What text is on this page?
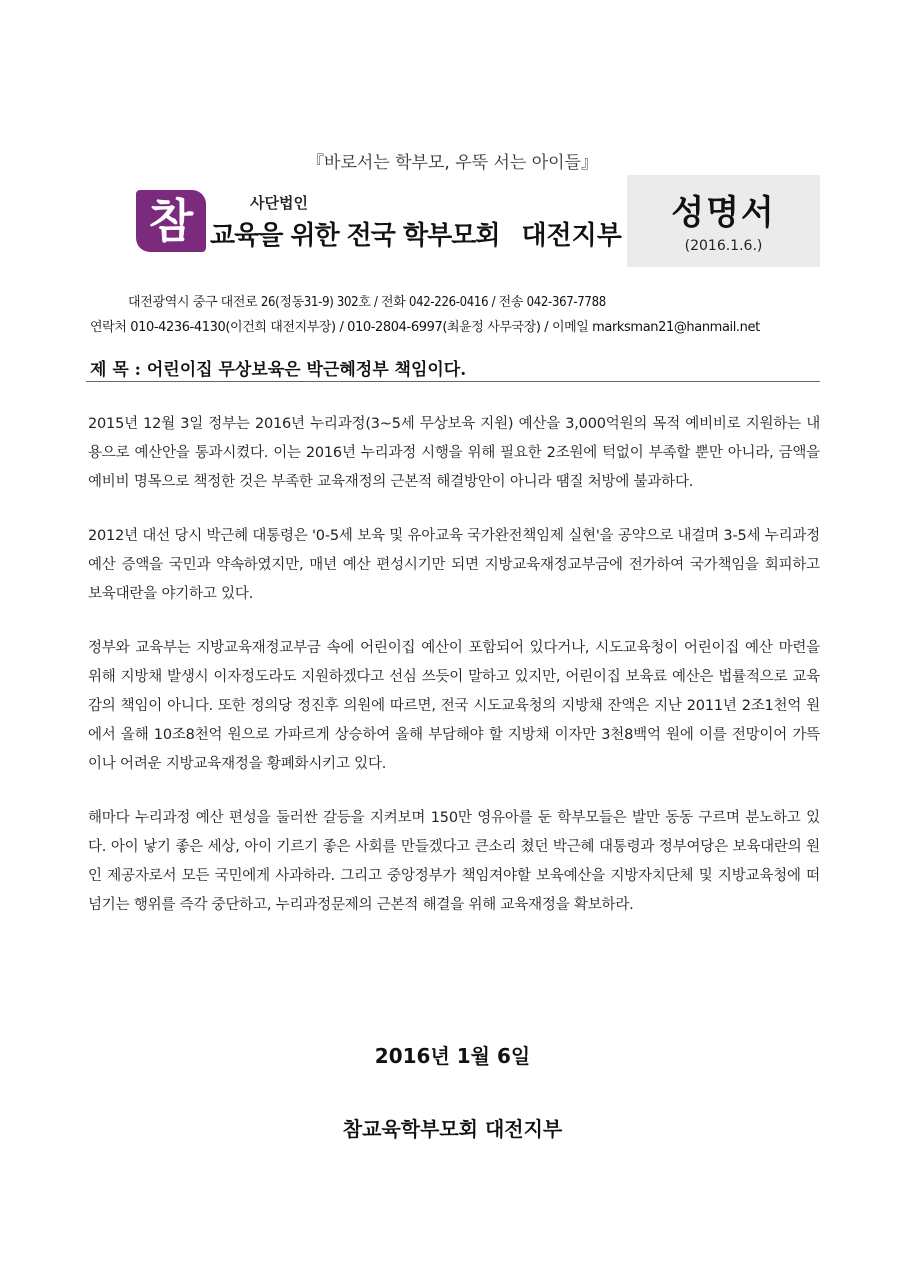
『바로서는 학부모, 우뚝 서는 아이들』
참	사단법인
교육을 위한 전국 학부모회 대전지부
성명서
(2016.1.6.)
대전광역시 중구 대전로 26(정동31-9) 302호 / 전화 042-226-0416 / 전송 042-367-7788
연락처 010-4236-4130(이건희 대전지부장) / 010-2804-6997(최윤정 사무국장) / 이메일 marksman21@hanmail.net
제 목 : 어린이집 무상보육은 박근혜정부 책임이다.

2015년 12월 3일 정부는 2016년 누리과정(3~5세 무상보육 지원) 예산을 3,000억원의 목적 예비비로 지원하는 내용으로 예산안을 통과시켰다. 이는 2016년 누리과정 시행을 위해 필요한 2조원에 턱없이 부족할 뿐만 아니라, 금액을 예비비 명목으로 책정한 것은 부족한 교육재정의 근본적 해결방안이 아니라 땜질 처방에 불과하다.

2012년 대선 당시 박근혜 대통령은 '0-5세 보육 및 유아교육 국가완전책임제 실현'을 공약으로 내걸며 3-5세 누리과정 예산 증액을 국민과 약속하였지만, 매년 예산 편성시기만 되면 지방교육재정교부금에 전가하여 국가책임을 회피하고 보육대란을 야기하고 있다.

정부와 교육부는 지방교육재정교부금 속에 어린이집 예산이 포함되어 있다거나, 시도교육청이 어린이집 예산 마련을 위해 지방채 발생시 이자정도라도 지원하겠다고 선심 쓰듯이 말하고 있지만, 어린이집 보육료 예산은 법률적으로 교육감의 책임이 아니다. 또한 정의당 정진후 의원에 따르면, 전국 시도교육청의 지방채 잔액은 지난 2011년 2조1천억 원에서 올해 10조8천억 원으로 가파르게 상승하여 올해 부담해야 할 지방채 이자만 3천8백억 원에 이를 전망이어 가뜩이나 어려운 지방교육재정을 황폐화시키고 있다.

해마다 누리과정 예산 편성을 둘러싼 갈등을 지켜보며 150만 영유아를 둔 학부모들은 발만 동동 구르며 분노하고 있다. 아이 낳기 좋은 세상, 아이 기르기 좋은 사회를 만들겠다고 큰소리 쳤던 박근혜 대통령과 정부여당은 보육대란의 원인 제공자로서 모든 국민에게 사과하라. 그리고 중앙정부가 책임져야할 보육예산을 지방자치단체 및 지방교육청에 떠넘기는 행위를 즉각 중단하고, 누리과정문제의 근본적 해결을 위해 교육재정을 확보하라.

2016년 1월 6일
참교육학부모회 대전지부
